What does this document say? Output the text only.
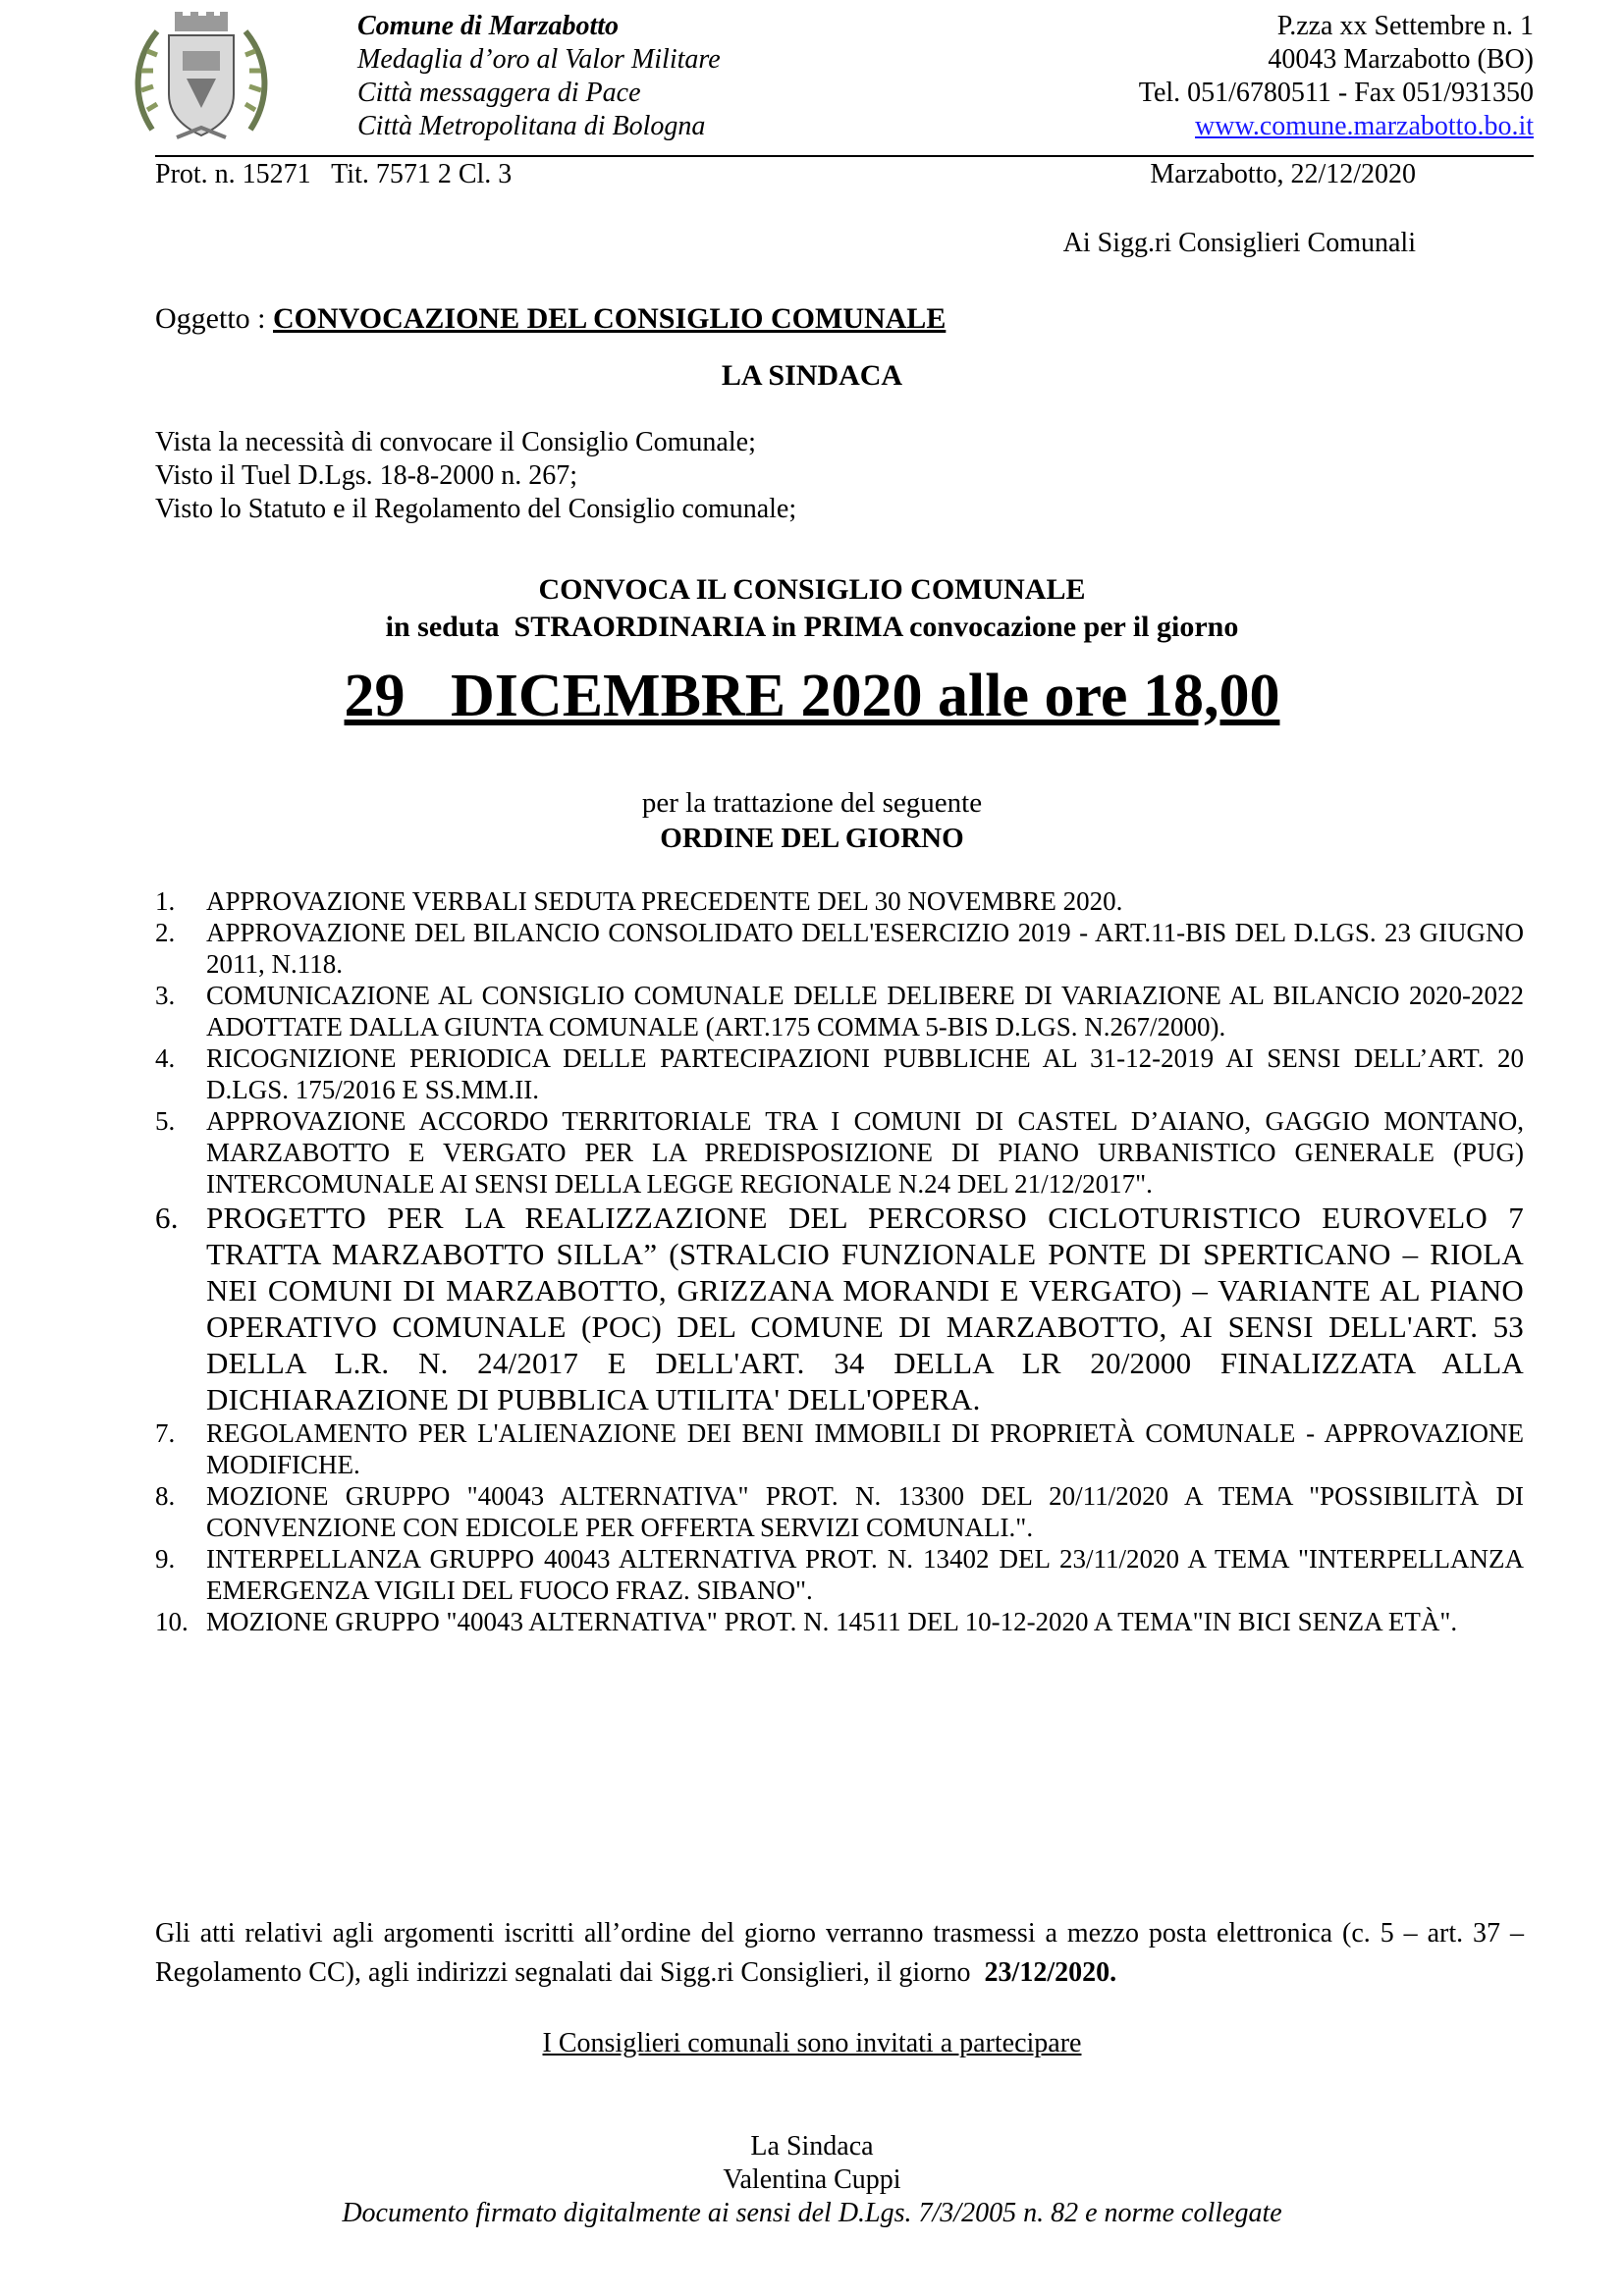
Comune di Marzabotto
Medaglia d’oro al Valor Militare
Città messaggera di Pace
Città Metropolitana di Bologna
P.zza xx Settembre n. 1
40043 Marzabotto (BO)
Tel. 051/6780511 - Fax 051/931350
www.comune.marzabotto.bo.it
Prot. n. 15271   Tit. 7571 2 Cl. 3	Marzabotto, 22/12/2020
Ai Sigg.ri Consiglieri Comunali
Oggetto : CONVOCAZIONE DEL CONSIGLIO COMUNALE
LA SINDACA
Vista la necessità di convocare il Consiglio Comunale;
Visto il Tuel D.Lgs. 18-8-2000 n. 267;
Visto lo Statuto e il Regolamento del Consiglio comunale;
CONVOCA IL CONSIGLIO COMUNALE
in seduta  STRAORDINARIA in PRIMA convocazione per il giorno
29_ DICEMBRE 2020 alle ore 18,00
per la trattazione del seguente
ORDINE DEL GIORNO
1. APPROVAZIONE VERBALI SEDUTA PRECEDENTE DEL 30 NOVEMBRE 2020.
2. APPROVAZIONE DEL BILANCIO CONSOLIDATO DELL'ESERCIZIO 2019 - ART.11-BIS DEL D.LGS. 23 GIUGNO 2011, N.118.
3. COMUNICAZIONE AL CONSIGLIO COMUNALE DELLE DELIBERE DI VARIAZIONE AL BILANCIO 2020-2022 ADOTTATE DALLA GIUNTA COMUNALE (ART.175 COMMA 5-BIS D.LGS. N.267/2000).
4. RICOGNIZIONE PERIODICA DELLE PARTECIPAZIONI PUBBLICHE AL 31-12-2019 AI SENSI DELL’ART. 20 D.LGS. 175/2016 E SS.MM.II.
5. APPROVAZIONE ACCORDO TERRITORIALE TRA I COMUNI DI CASTEL D’AIANO, GAGGIO MONTANO, MARZABOTTO E VERGATO PER LA PREDISPOSIZIONE DI PIANO URBANISTICO GENERALE (PUG) INTERCOMUNALE AI SENSI DELLA LEGGE REGIONALE N.24 DEL 21/12/2017".
6. PROGETTO PER LA REALIZZAZIONE DEL PERCORSO CICLOTURISTICO EUROVELO 7 TRATTA MARZABOTTO SILLA” (STRALCIO FUNZIONALE PONTE DI SPERTICANO – RIOLA NEI COMUNI DI MARZABOTTO, GRIZZANA MORANDI E VERGATO) – VARIANTE AL PIANO OPERATIVO COMUNALE (POC) DEL COMUNE DI MARZABOTTO, AI SENSI DELL'ART. 53 DELLA L.R. N. 24/2017 E DELL'ART. 34 DELLA LR 20/2000 FINALIZZATA ALLA DICHIARAZIONE DI PUBBLICA UTILITA' DELL'OPERA.
7. REGOLAMENTO PER L'ALIENAZIONE DEI BENI IMMOBILI DI PROPRIETÀ COMUNALE - APPROVAZIONE MODIFICHE.
8. MOZIONE GRUPPO "40043 ALTERNATIVA" PROT. N. 13300 DEL 20/11/2020 A TEMA "POSSIBILITÀ DI CONVENZIONE CON EDICOLE PER OFFERTA SERVIZI COMUNALI.".
9. INTERPELLANZA GRUPPO 40043 ALTERNATIVA PROT. N. 13402 DEL 23/11/2020 A TEMA "INTERPELLANZA EMERGENZA VIGILI DEL FUOCO FRAZ. SIBANO".
10. MOZIONE GRUPPO "40043 ALTERNATIVA" PROT. N. 14511 DEL 10-12-2020 A TEMA"IN BICI SENZA ETÀ".
Gli atti relativi agli argomenti iscritti all’ordine del giorno verranno trasmessi a mezzo posta elettronica (c. 5 – art. 37 – Regolamento CC), agli indirizzi segnalati dai Sigg.ri Consiglieri, il giorno  23/12/2020.
I Consiglieri comunali sono invitati a partecipare
La Sindaca
Valentina Cuppi
Documento firmato digitalmente ai sensi del D.Lgs. 7/3/2005 n. 82 e norme collegate
